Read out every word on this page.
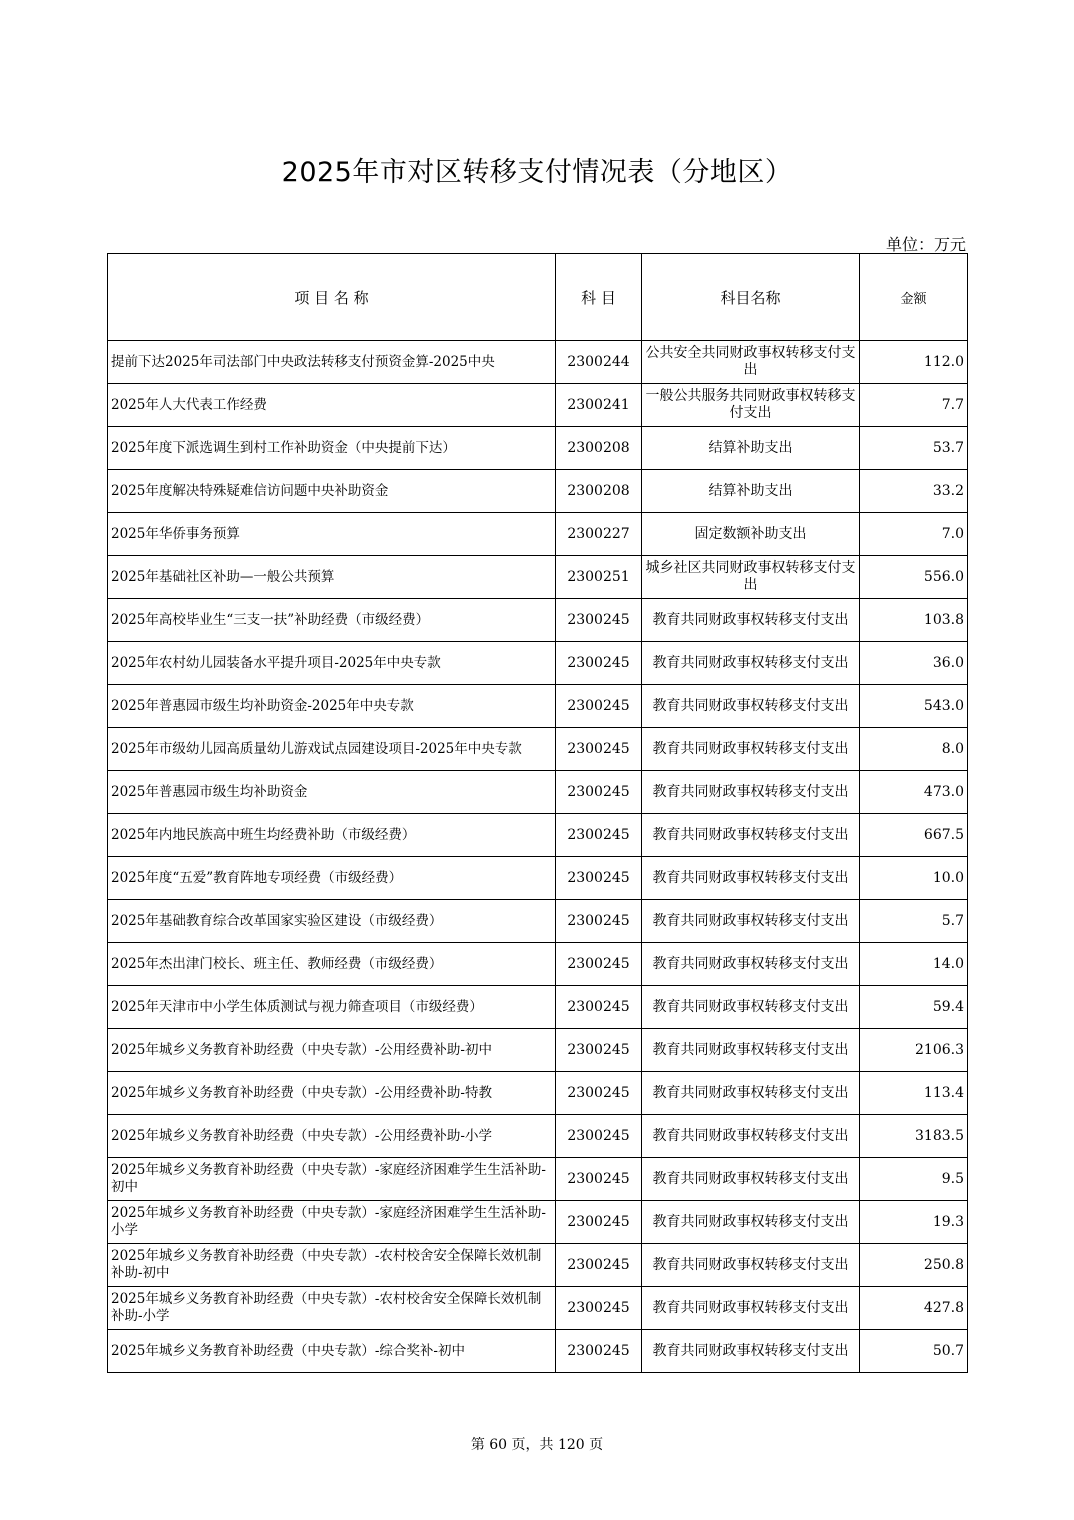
2025年市对区转移支付情况表（分地区）
单位：万元
项 目 名 称	科 目	科目名称	金额
提前下达2025年司法部门中央政法转移支付预资金算-2025中央	2300244	公共安全共同财政事权转移支付支出	112.0
2025年人大代表工作经费	2300241	一般公共服务共同财政事权转移支付支出	7.7
2025年度下派选调生到村工作补助资金（中央提前下达）	2300208	结算补助支出	53.7
2025年度解决特殊疑难信访问题中央补助资金	2300208	结算补助支出	33.2
2025年华侨事务预算	2300227	固定数额补助支出	7.0
2025年基础社区补助—一般公共预算	2300251	城乡社区共同财政事权转移支付支出	556.0
2025年高校毕业生“三支一扶”补助经费（市级经费）	2300245	教育共同财政事权转移支付支出	103.8
2025年农村幼儿园装备水平提升项目-2025年中央专款	2300245	教育共同财政事权转移支付支出	36.0
2025年普惠园市级生均补助资金-2025年中央专款	2300245	教育共同财政事权转移支付支出	543.0
2025年市级幼儿园高质量幼儿游戏试点园建设项目-2025年中央专款	2300245	教育共同财政事权转移支付支出	8.0
2025年普惠园市级生均补助资金	2300245	教育共同财政事权转移支付支出	473.0
2025年内地民族高中班生均经费补助（市级经费）	2300245	教育共同财政事权转移支付支出	667.5
2025年度“五爱”教育阵地专项经费（市级经费）	2300245	教育共同财政事权转移支付支出	10.0
2025年基础教育综合改革国家实验区建设（市级经费）	2300245	教育共同财政事权转移支付支出	5.7
2025年杰出津门校长、班主任、教师经费（市级经费）	2300245	教育共同财政事权转移支付支出	14.0
2025年天津市中小学生体质测试与视力筛查项目（市级经费）	2300245	教育共同财政事权转移支付支出	59.4
2025年城乡义务教育补助经费（中央专款）-公用经费补助-初中	2300245	教育共同财政事权转移支付支出	2106.3
2025年城乡义务教育补助经费（中央专款）-公用经费补助-特教	2300245	教育共同财政事权转移支付支出	113.4
2025年城乡义务教育补助经费（中央专款）-公用经费补助-小学	2300245	教育共同财政事权转移支付支出	3183.5
2025年城乡义务教育补助经费（中央专款）-家庭经济困难学生生活补助-初中	2300245	教育共同财政事权转移支付支出	9.5
2025年城乡义务教育补助经费（中央专款）-家庭经济困难学生生活补助-小学	2300245	教育共同财政事权转移支付支出	19.3
2025年城乡义务教育补助经费（中央专款）-农村校舍安全保障长效机制补助-初中	2300245	教育共同财政事权转移支付支出	250.8
2025年城乡义务教育补助经费（中央专款）-农村校舍安全保障长效机制补助-小学	2300245	教育共同财政事权转移支付支出	427.8
2025年城乡义务教育补助经费（中央专款）-综合奖补-初中	2300245	教育共同财政事权转移支付支出	50.7
第 60 页，共 120 页
